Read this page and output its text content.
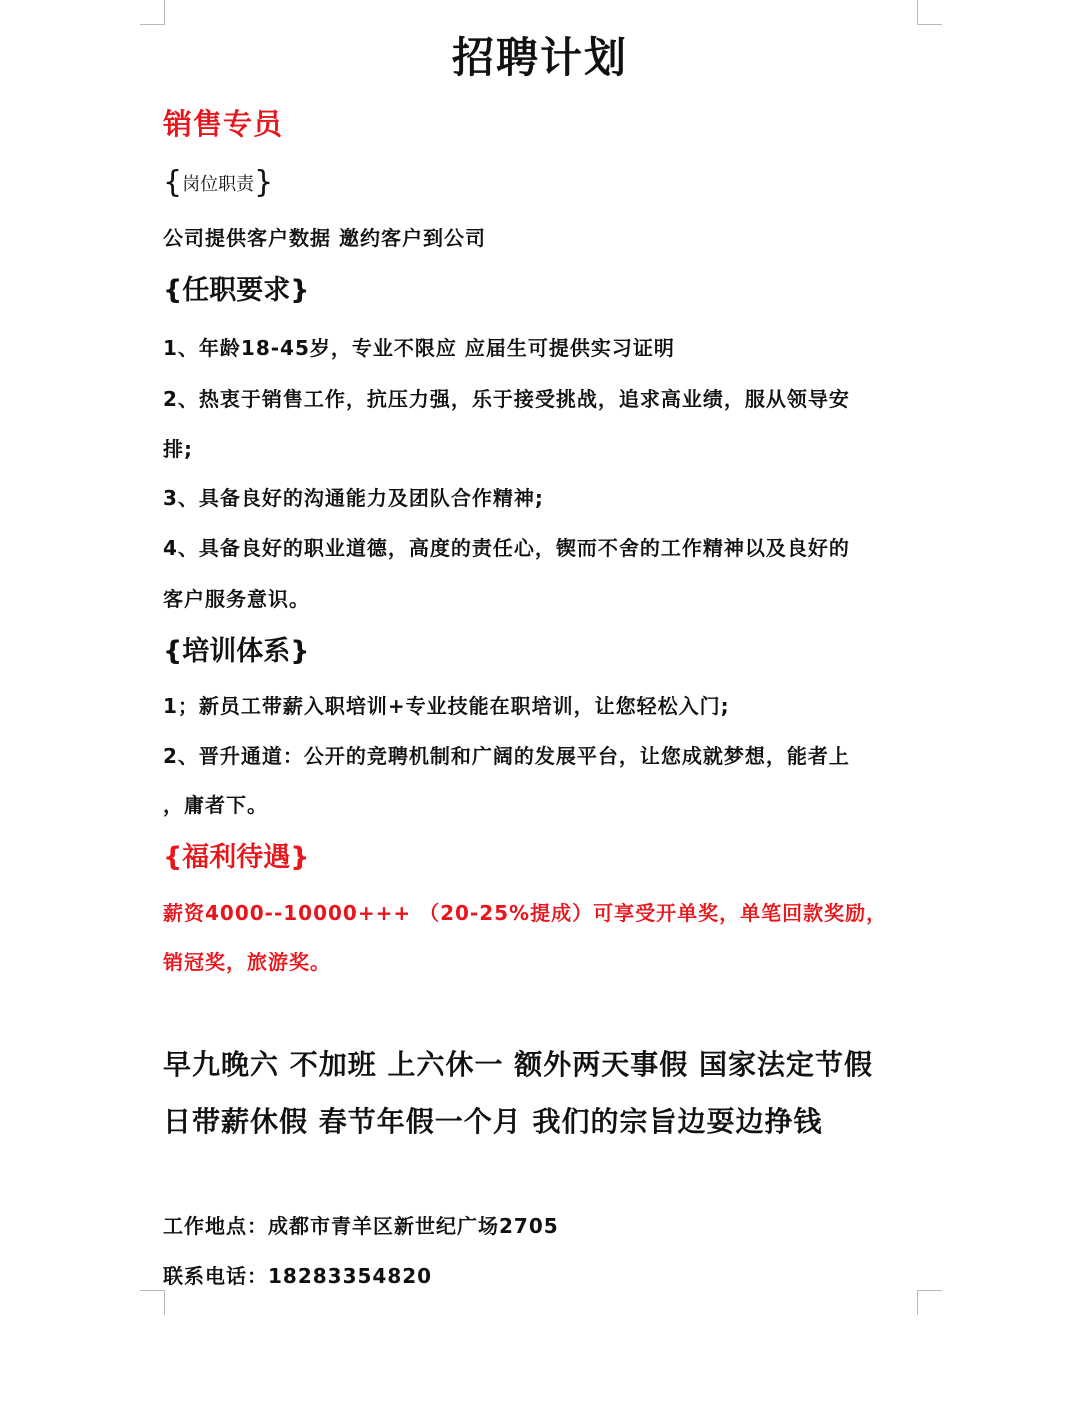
招聘计划
销售专员
{岗位职责}
公司提供客户数据 邀约客户到公司
{任职要求}
1、年龄18-45岁，专业不限应 应届生可提供实习证明
2、热衷于销售工作，抗压力强，乐于接受挑战，追求高业绩，服从领导安
排;
3、具备良好的沟通能力及团队合作精神;
4、具备良好的职业道德，高度的责任心，锲而不舍的工作精神以及良好的
客户服务意识。
{培训体系}
1；新员工带薪入职培训+专业技能在职培训，让您轻松入门;
2、晋升通道：公开的竞聘机制和广阔的发展平台，让您成就梦想，能者上
，庸者下。
{福利待遇}
薪资4000--10000+++ （20-25%提成）可享受开单奖，单笔回款奖励，
销冠奖，旅游奖。
早九晚六 不加班 上六休一 额外两天事假 国家法定节假
日带薪休假 春节年假一个月 我们的宗旨边耍边挣钱
工作地点：成都市青羊区新世纪广场2705
联系电话：18283354820
